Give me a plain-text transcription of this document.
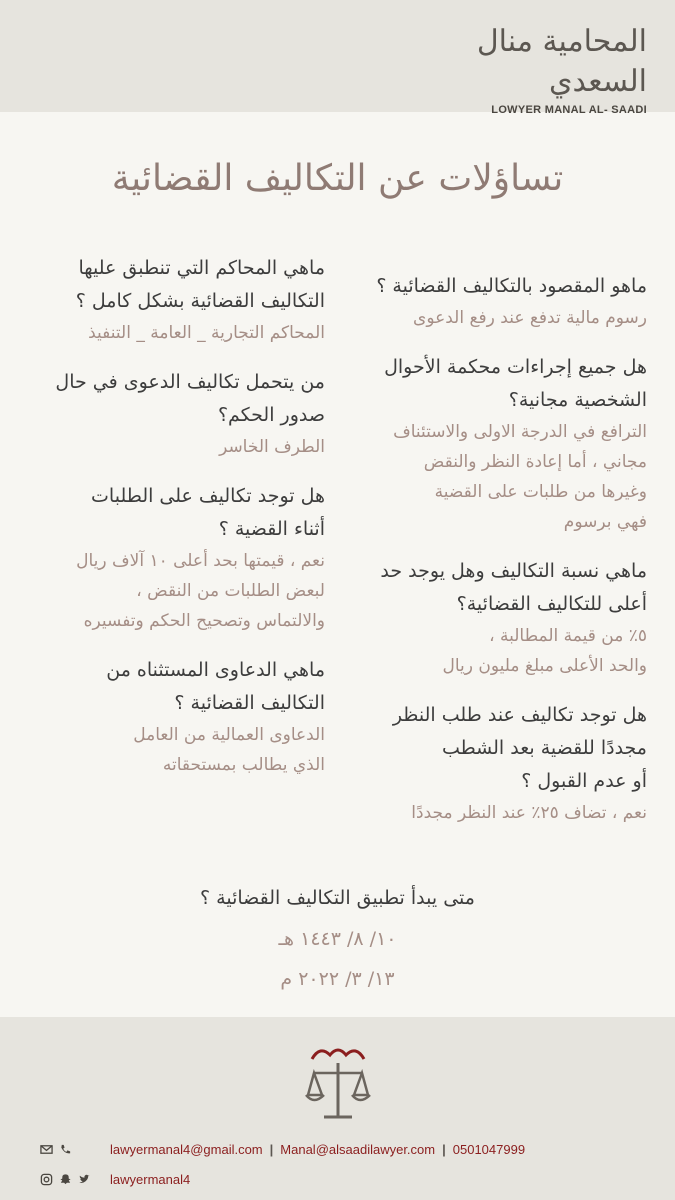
المحامية منال السعدي
LOWYER MANAL AL- SAADI
تساؤلات عن التكاليف القضائية
ماهو المقصود بالتكاليف القضائية ؟
رسوم مالية تدفع عند رفع الدعوى
هل جميع إجراءات محكمة الأحوال
الشخصية مجانية؟
الترافع في الدرجة الاولى والاستئناف
مجاني ، أما إعادة النظر والنقض
وغيرها من طلبات على القضية
فهي برسوم
ماهي نسبة التكاليف وهل يوجد حد
أعلى للتكاليف القضائية؟
٥٪ من قيمة المطالبة ،
والحد الأعلى مبلغ مليون ريال
هل توجد تكاليف عند طلب النظر
مجددًا للقضية بعد الشطب
أو عدم القبول ؟
نعم ، تضاف ٢٥٪ عند النظر مجددًا
ماهي المحاكم التي تنطبق عليها
التكاليف القضائية بشكل كامل ؟
المحاكم التجارية _ العامة _ التنفيذ
من يتحمل تكاليف الدعوى في حال
صدور الحكم؟
الطرف الخاسر
هل توجد تكاليف على الطلبات
أثناء القضية ؟
نعم ، قيمتها بحد أعلى ١٠ آلاف ريال
لبعض الطلبات من النقض ،
والالتماس وتصحيح الحكم وتفسيره
ماهي الدعاوى المستثناه من
التكاليف القضائية ؟
الدعاوى العمالية من العامل
الذي يطالب بمستحقاته
متى يبدأ تطبيق التكاليف القضائية ؟
١٠/ ٨/ ١٤٤٣ هـ
١٣/ ٣/ ٢٠٢٢ م
lawyermanal4@gmail.com | Manal@alsaadilawyer.com | 0501047999
lawyermanal4
